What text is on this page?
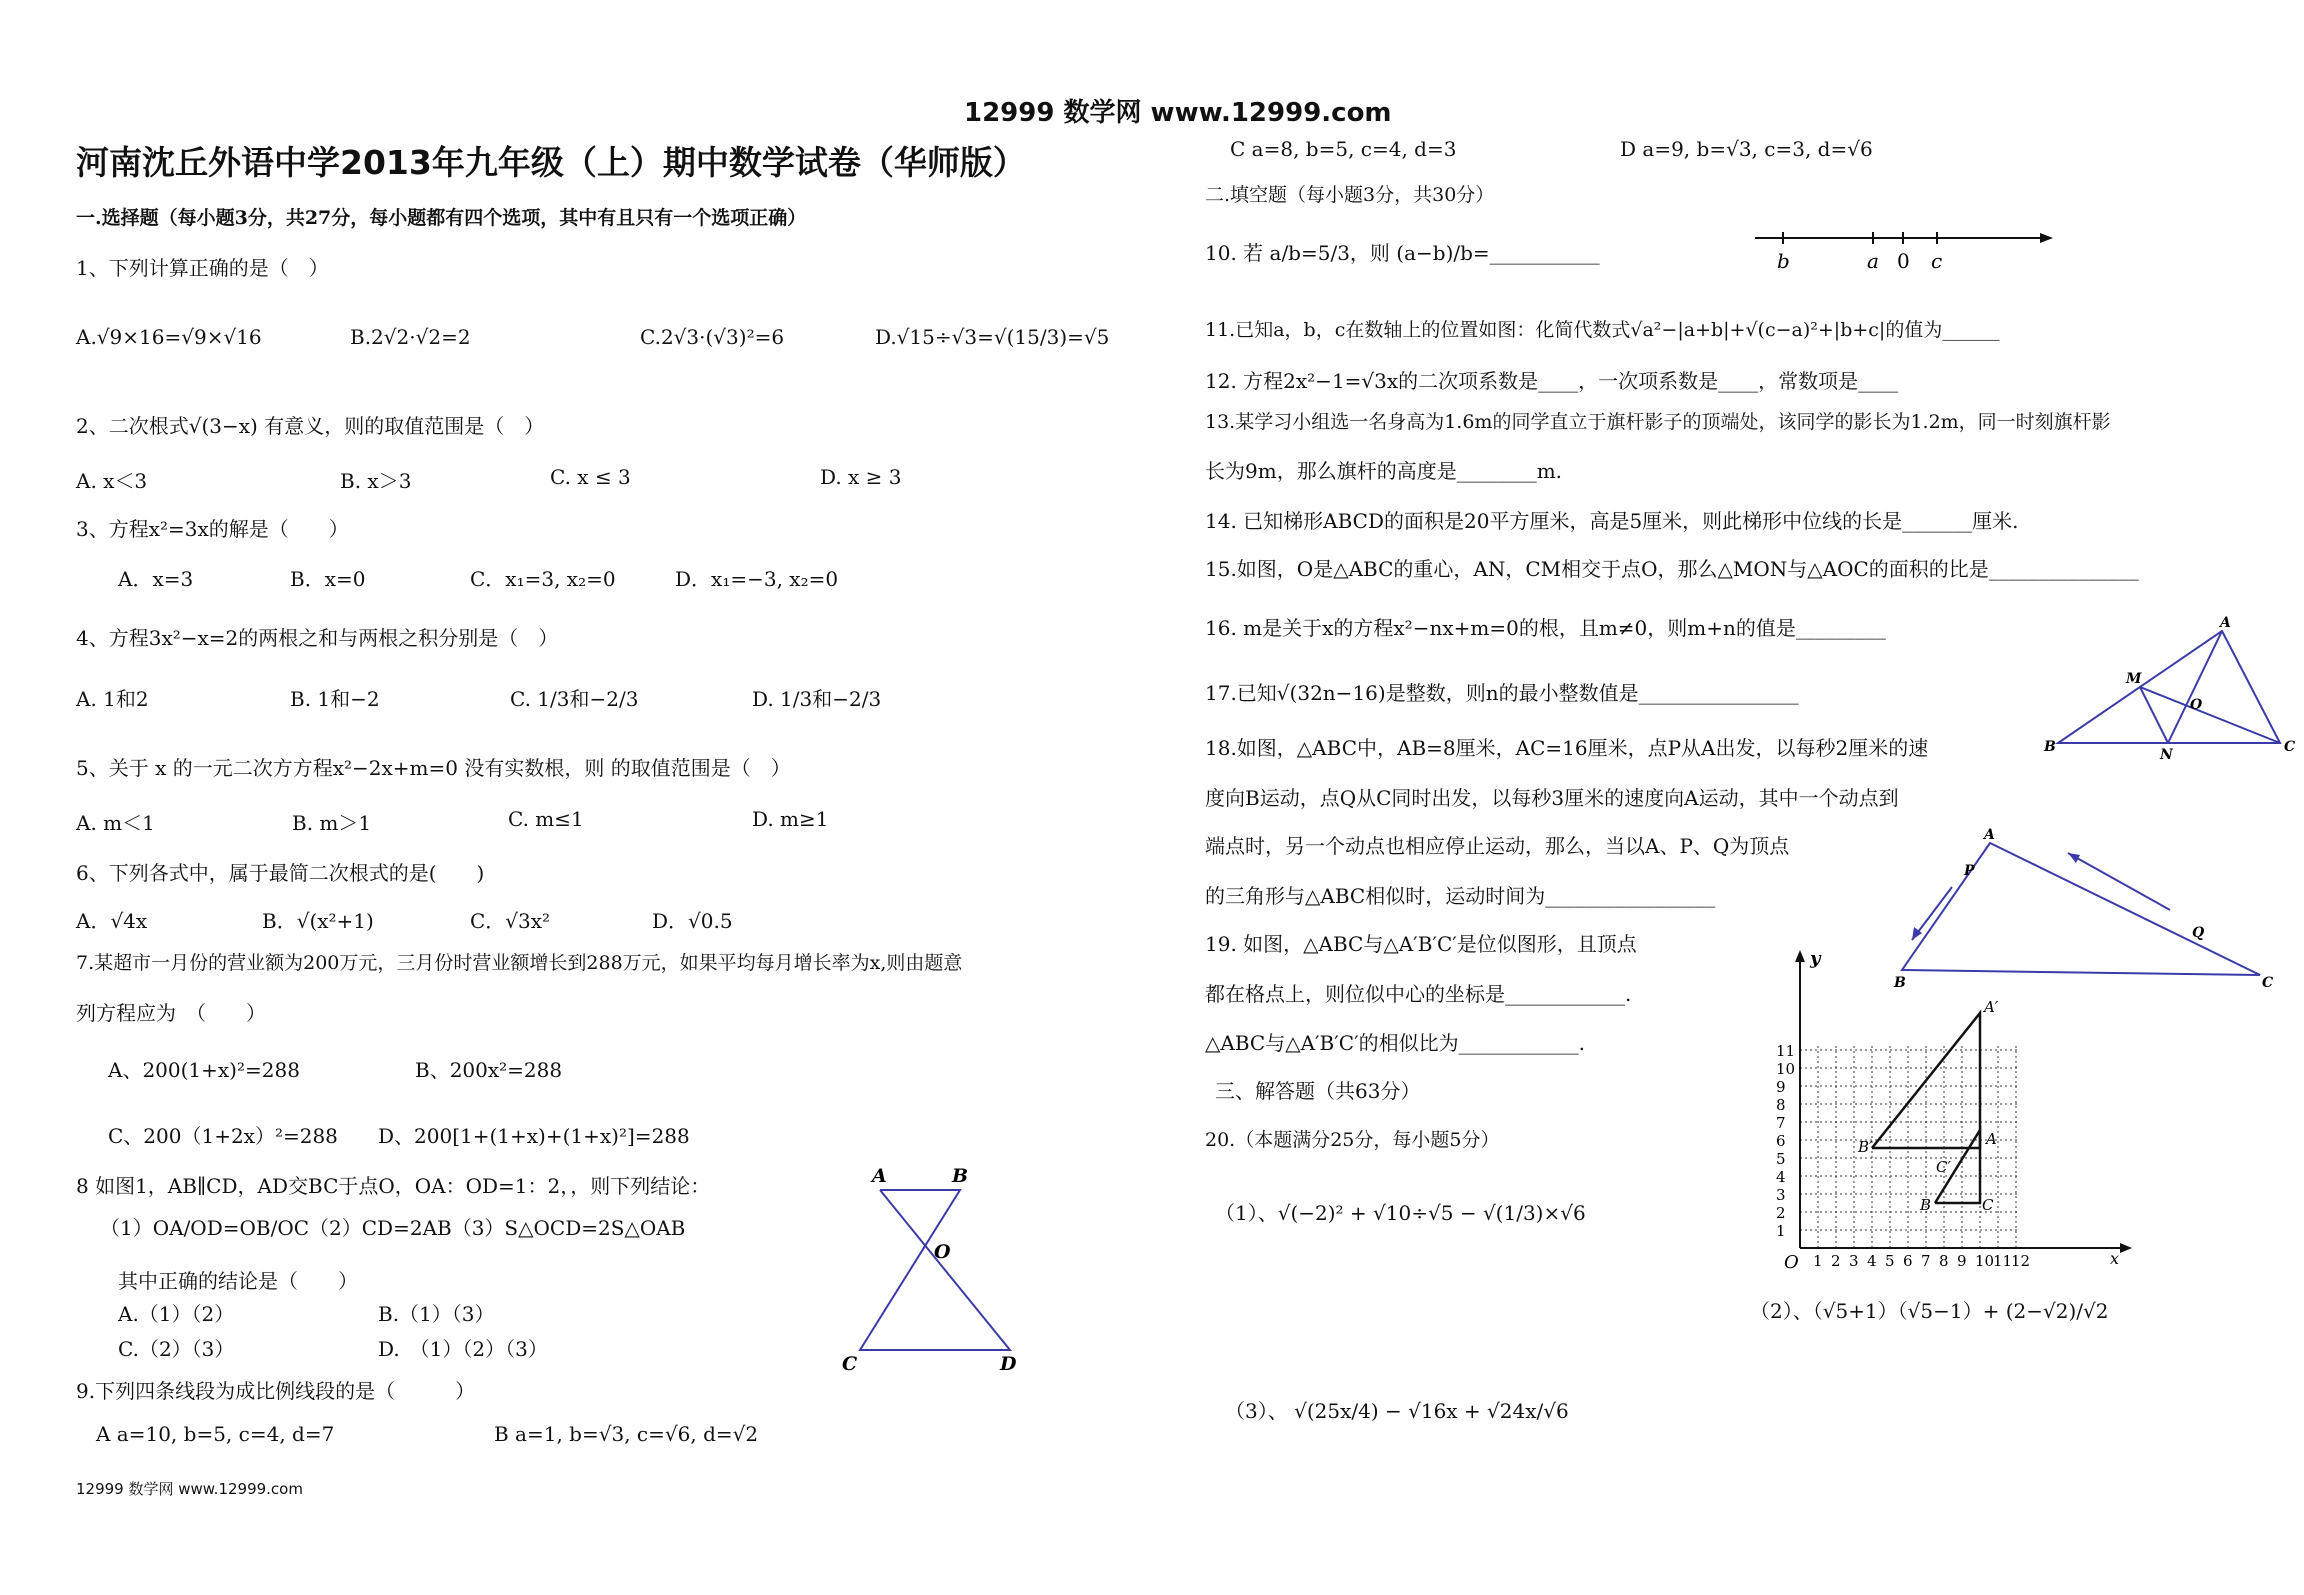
12999 数学网 www.12999.com
河南沈丘外语中学2013年九年级（上）期中数学试卷（华师版）
一.选择题（每小题3分，共27分，每小题都有四个选项，其中有且只有一个选项正确）
1、下列计算正确的是（　）
A.√9×16=√9×√16	B.2√2·√2=2	C.2√3·(√3)²=6	D.√15÷√3=√(15/3)=√5
2、二次根式√(3−x) 有意义，则的取值范围是（　）
A. x＜3	B. x＞3	C. x ≤ 3	D. x ≥ 3
3、方程x²=3x的解是（　　）
A．x=3	B．x=0	C．x₁=3, x₂=0	D．x₁=−3, x₂=0
4、方程3x²−x=2的两根之和与两根之积分别是（　）
A. 1和2	B. 1和−2	C. 1/3和−2/3	D. 1/3和−2/3
5、关于 x 的一元二次方方程x²−2x+m=0 没有实数根，则 的取值范围是（　）
A. m＜1	B. m＞1	C. m≤1	D. m≥1
6、下列各式中，属于最简二次根式的是(　　)
A．√4x	B．√(x²+1)	C．√3x²	D．√0.5
7.某超市一月份的营业额为200万元，三月份时营业额增长到288万元，如果平均每月增长率为x,则由题意
列方程应为　（　　）
A、200(1+x)²=288	B、200x²=288
C、200（1+2x）²=288 D、200[1+(1+x)+(1+x)²]=288
8 如图1，AB∥CD，AD交BC于点O，OA：OD=1：2，，则下列结论：
（1）OA/OD=OB/OC（2）CD=2AB（3）S△OCD=2S△OAB
其中正确的结论是（　　）
A.（1）（2）	B.（1）（3）
C.（2）（3）	D.　（1）（2）（3）
A	B
O
C	D
9.下列四条线段为成比例线段的是（　　　）
A a=10, b=5, c=4, d=7	B a=1, b=√3, c=√6, d=√2
12999 数学网 www.12999.com
C a=8, b=5, c=4, d=3	D a=9, b=√3, c=3, d=√6
二.填空题（每小题3分，共30分）
10. 若 a/b=5/3，则 (a−b)/b=___________	b	a 0 c
11.已知a，b，c在数轴上的位置如图：化简代数式√a²−|a+b|+√(c−a)²+|b+c|的值为______
12. 方程2x²−1=√3x的二次项系数是____，一次项系数是____，常数项是____
13.某学习小组选一名身高为1.6m的同学直立于旗杆影子的顶端处，该同学的影长为1.2m，同一时刻旗杆影
长为9m，那么旗杆的高度是________m.
14. 已知梯形ABCD的面积是20平方厘米，高是5厘米，则此梯形中位线的长是_______厘米.
15.如图，O是△ABC的重心，AN，CM相交于点O，那么△MON与△AOC的面积的比是_______________
16. m是关于x的方程x²−nx+m=0的根，且m≠0，则m+n的值是_________
17.已知√(32n−16)是整数，则n的最小整数值是________________
A
M
O
B	N	C
18.如图，△ABC中，AB=8厘米，AC=16厘米，点P从A出发，以每秒2厘米的速
度向B运动，点Q从C同时出发，以每秒3厘米的速度向A运动，其中一个动点到
端点时，另一个动点也相应停止运动，那么，当以A、P、Q为顶点
的三角形与△ABC相似时，运动时间为_________________
A
P
Q
B	C
19. 如图，△ABC与△A′B′C′是位似图形，且顶点
都在格点上，则位似中心的坐标是____________.
△ABC与△A′B′C′的相似比为____________.
三、解答题（共63分）
20.（本题满分25分，每小题5分）
（1）、√(−2)² + √10÷√5 − √(1/3)×√6
（2）、（√5+1）（√5−1）+ (2−√2)/√2
（3）、 √(25x/4) − √16x + √24x/√6
1 2 3 4 5 6 7 8 9 10
11
12
1
2
3
4
5
6
7
8
9
10
11
y
x
O
A′
B′
C′
A
B	C
